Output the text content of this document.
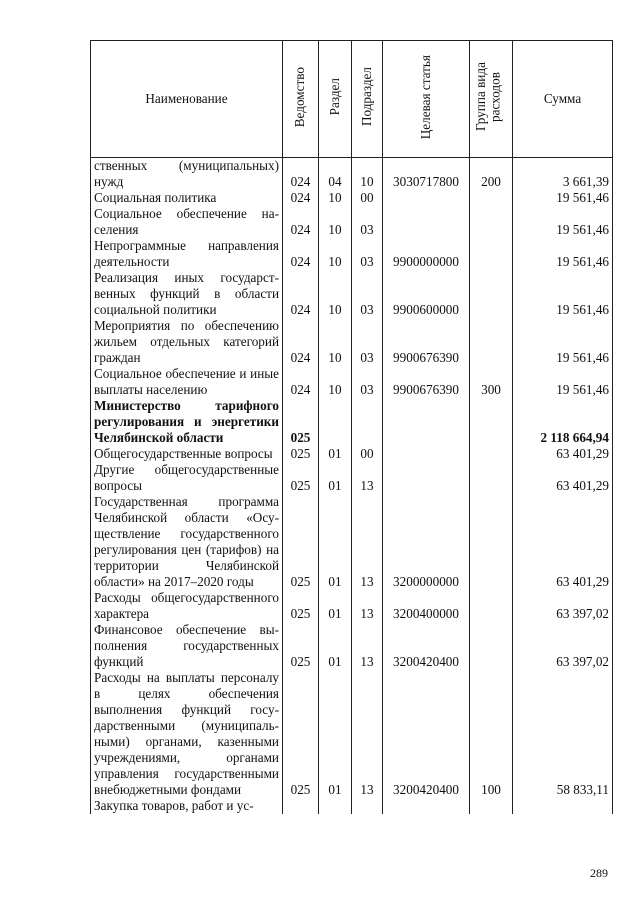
Наименование	Ведомство	Раздел	Подраздел	Целевая статья	Группа вида расходов	Сумма
ственных (муниципальных) нужд	024	04	10	3030717800	200	3 661,39
Социальная политика	024	10	00			19 561,46
Социальное обеспечение населения	024	10	03			19 561,46
Непрограммные направления деятельности	024	10	03	9900000000		19 561,46
Реализация иных государственных функций в области социальной политики	024	10	03	9900600000		19 561,46
Мероприятия по обеспечению жильем отдельных категорий граждан	024	10	03	9900676390		19 561,46
Социальное обеспечение и иные выплаты населению	024	10	03	9900676390	300	19 561,46
Министерство тарифного регулирования и энергетики Челябинской области	025					2 118 664,94
Общегосударственные вопросы	025	01	00			63 401,29
Другие общегосударственные вопросы	025	01	13			63 401,29
Государственная программа Челябинской области «Осуществление государственного регулирования цен (тарифов) на территории Челябинской области» на 2017–2020 годы	025	01	13	3200000000		63 401,29
Расходы общегосударственного характера	025	01	13	3200400000		63 397,02
Финансовое обеспечение выполнения государственных функций	025	01	13	3200420400		63 397,02
Расходы на выплаты персоналу в целях обеспечения выполнения функций государственными (муниципальными) органами, казенными учреждениями, органами управления государственными внебюджетными фондами	025	01	13	3200420400	100	58 833,11
Закупка товаров, работ и ус-						
289
